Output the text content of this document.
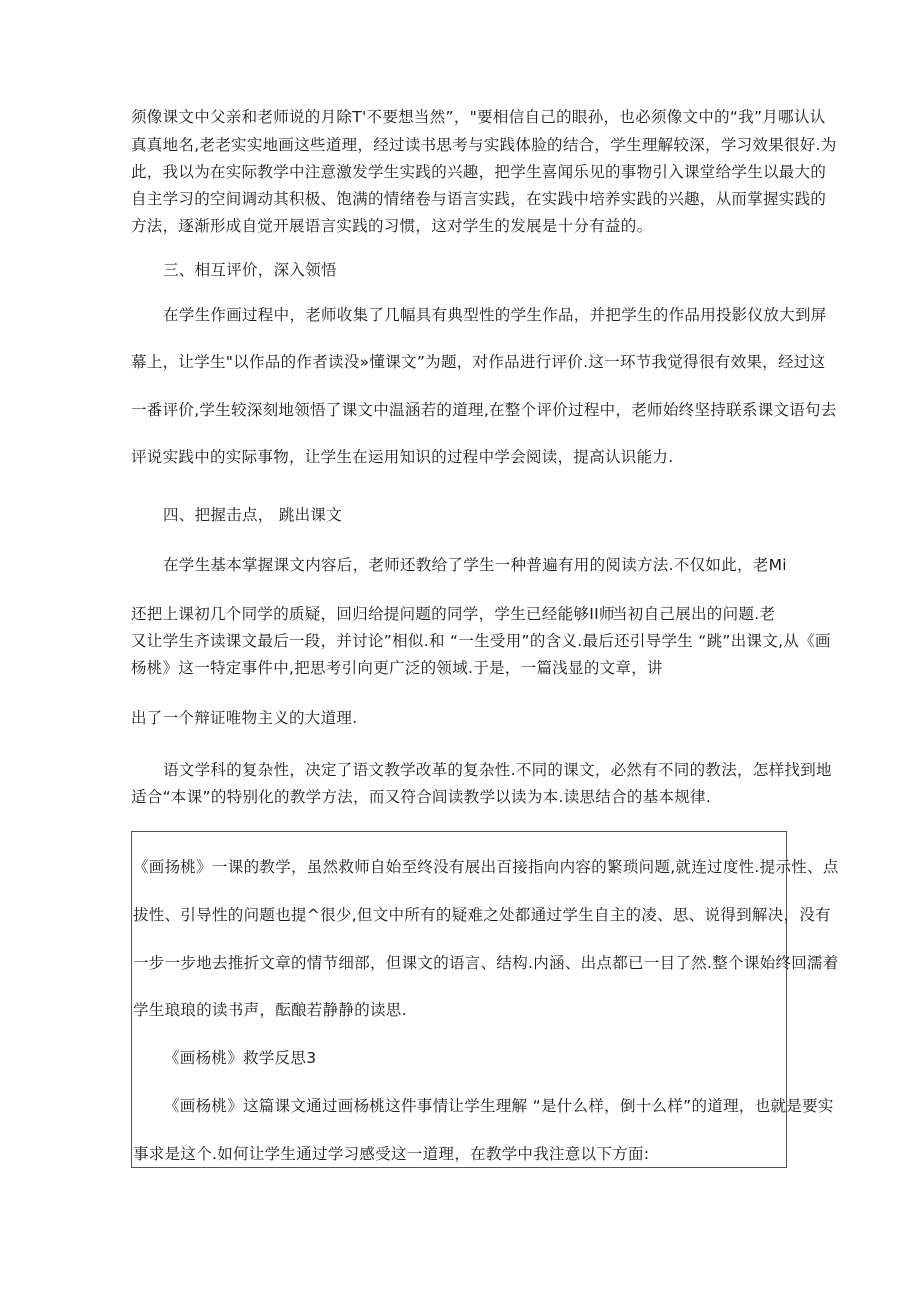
须像课文中父亲和老师说的月除T'不要想当然”，"要相信自己的眼孙，也必须像文中的“我”月哪认认
真真地名,老老实实地画这些道理，经过读书思考与实践体脸的结合，学生理解较深，学习效果很好.为
此，我以为在实际教学中注意激发学生实践的兴趣，把学生喜闻乐见的事物引入课堂给学生以最大的
自主学习的空间调动其积极、饱满的情绪卷与语言实践，在实践中培养实践的兴趣，从而掌握实践的
方法，逐渐形成自觉开展语言实践的习惯，这对学生的发展是十分有益的。
三、相互评价，深入领悟
在学生作画过程中，老师收集了几幅具有典型性的学生作品，并把学生的作品用投影仪放大到屏
幕上，让学生"以作品的作者读没»懂课文”为题，对作品进行评价.这一环节我觉得很有效果，经过这
一番评价,学生较深刻地领悟了课文中温涵若的道理,在整个评价过程中，老师始终坚持联系课文语句去
评说实践中的实际事物，让学生在运用知识的过程中学会阅读，提高认识能力.
四、把握击点， 跳出课文
在学生基本掌握课文内容后，老师还教给了学生一种普遍有用的阅读方法.不仅如此，老Mi
还把上课初几个同学的质疑，回归给提问题的同学，学生已经能够II师
当初自己展出的问题.老
又让学生齐读课文最后一段，并讨论”相似.和 “一生受用”的含义.最后还引导学生 “跳”出课文,从《画
杨桃》这一特定事件中,把思考引向更广泛的领域.于是，一篇浅显的文章，讲
出了一个辩证唯物主义的大道理.
语文学科的复杂性，决定了语文教学改革的复杂性.不同的课文，必然有不同的教法，怎样找到地
适合“本课”的特别化的教学方法，而又符合闾读教学以读为本.读思结合的基本规律.
《画扬桃》一课的教学，虽然救师自始至终没有展出百接指向内容的繁琐问题,就连过度性.提示性、点
拔性、引导性的问题也提^很少,但文中所有的疑难之处都通过学生自主的凌、思、说得到解决，没有
一步一步地去推折文章的情节细部，但课文的语言、结构.内涵、出点都已一目了然.整个课始终回濡着
学生琅琅的读书声，酝酿若静静的读思.
《画杨桃》救学反思3
《画杨桃》这篇课文通过画杨桃这件事情让学生理解 “是什么样，倒十么样”的道理，也就是要实
事求是这个.如何让学生通过学习感受这一道理，在教学中我注意以下方面:
